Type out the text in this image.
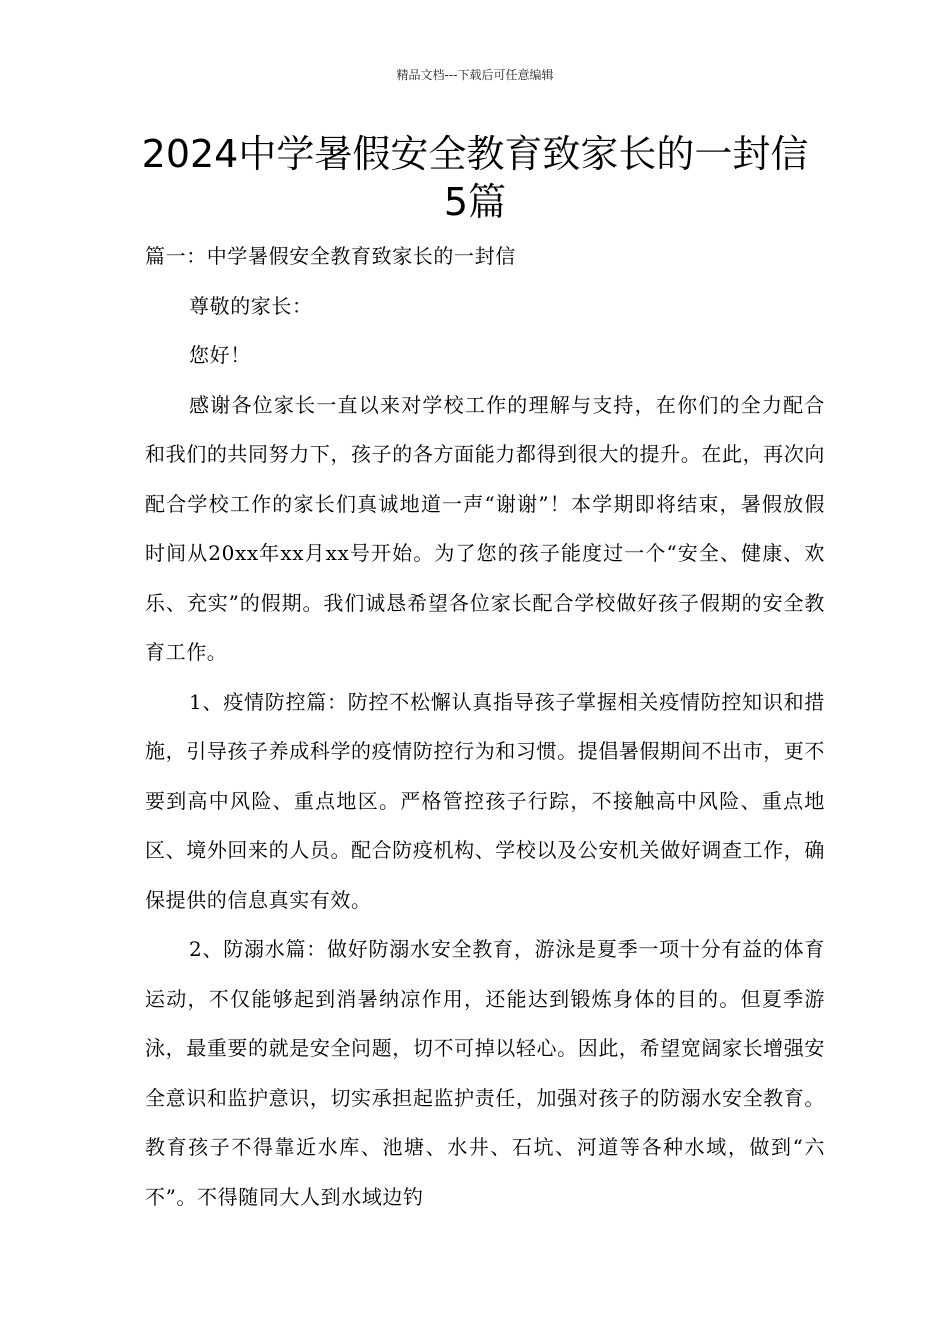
精品文档---下载后可任意编辑
2024中学暑假安全教育致家长的一封信
5篇

篇一：中学暑假安全教育致家长的一封信

尊敬的家长：

您好！

感谢各位家长一直以来对学校工作的理解与支持，在你们的全力配合和我们的共同努力下，孩子的各方面能力都得到很大的提升。在此，再次向配合学校工作的家长们真诚地道一声“谢谢”！本学期即将结束，暑假放假时间从20xx年xx月xx号开始。为了您的孩子能度过一个“安全、健康、欢乐、充实”的假期。我们诚恳希望各位家长配合学校做好孩子假期的安全教育工作。

1、疫情防控篇：防控不松懈认真指导孩子掌握相关疫情防控知识和措施，引导孩子养成科学的疫情防控行为和习惯。提倡暑假期间不出市，更不要到高中风险、重点地区。严格管控孩子行踪，不接触高中风险、重点地区、境外回来的人员。配合防疫机构、学校以及公安机关做好调查工作，确保提供的信息真实有效。

2、防溺水篇：做好防溺水安全教育，游泳是夏季一项十分有益的体育运动，不仅能够起到消暑纳凉作用，还能达到锻炼身体的目的。但夏季游泳，最重要的就是安全问题，切不可掉以轻心。因此，希望宽阔家长增强安全意识和监护意识，切实承担起监护责任，加强对孩子的防溺水安全教育。教育孩子不得靠近水库、池塘、水井、石坑、河道等各种水域，做到“六不”。不得随同大人到水域边钓
